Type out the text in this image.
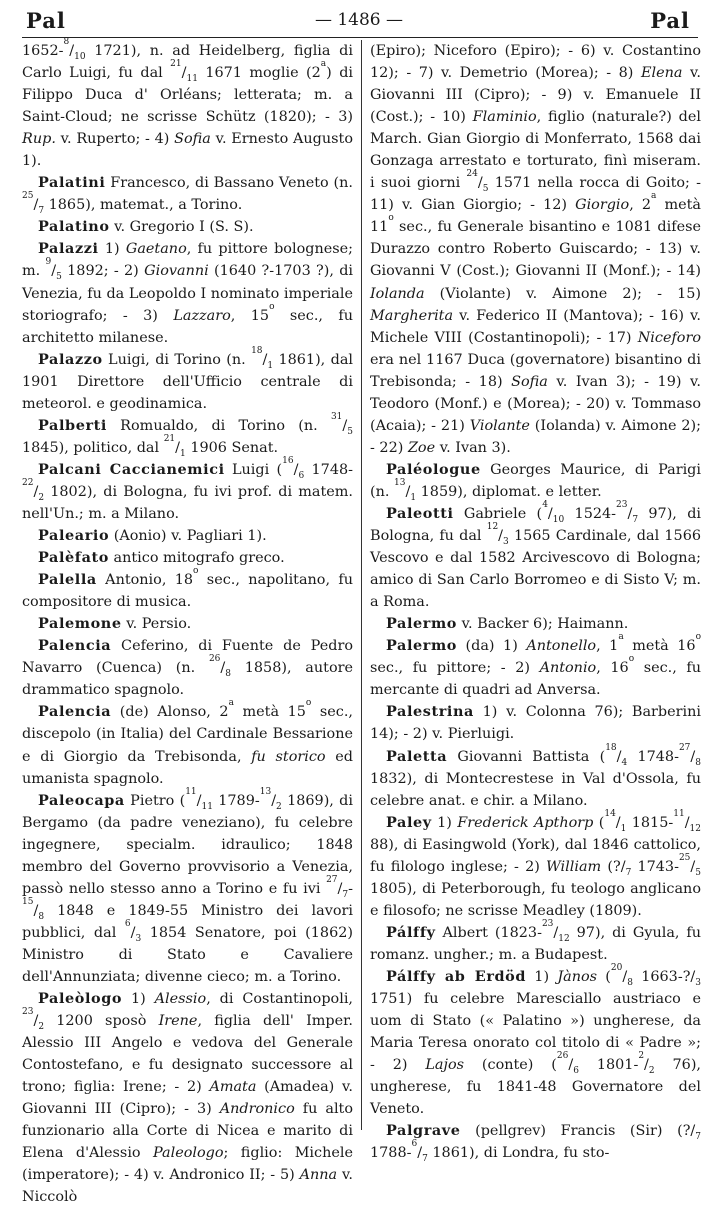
Pal	— 1486 —	Pal

$1652-^8/_{10}$ 1721), n. ad Heidelberg, figlia di Carlo Luigi, fu dal $^{21}/_{11}$ 1671 moglie (2$^a$) di Filippo Duca d' Orléans; letterata; m. a Saint-Cloud; ne scrisse Schütz (1820); - 3) Rup. v. Ruperto; - 4) Sofia v. Ernesto Augusto 1).

Palatini Francesco, di Bassano Veneto (n. $^{25}/_7$ 1865), matemat., a Torino.

Palatino v. Gregorio I (S. S).

Palazzi 1) Gaetano, fu pittore bolognese; m. $^9/_5$ 1892; - 2) Giovanni (1640 ?-1703 ?), di Venezia, fu da Leopoldo I nominato imperiale storiografo; - 3) Lazzaro, 15$^o$ sec., fu architetto milanese.

Palazzo Luigi, di Torino (n. $^{18}/_1$ 1861), dal 1901 Direttore dell'Ufficio centrale di meteorol. e geodinamica.

Palberti Romualdo, di Torino (n. $^{31}/_5$ 1845), politico, dal $^{21}/_1$ 1906 Senat.

Palcani Caccianemici Luigi ($^{16}/_6$ $1748-^{22}/_2$ 1802), di Bologna, fu ivi prof. di matem. nell'Un.; m. a Milano.

Paleario (Aonio) v. Pagliari 1).

Palèfato antico mitografo greco.

Palella Antonio, 18$^o$ sec., napolitano, fu compositore di musica.

Palemone v. Persio.

Palencia Ceferino, di Fuente de Pedro Navarro (Cuenca) (n. $^{26}/_8$ 1858), autore drammatico spagnolo.

Palencia (de) Alonso, 2$^a$ metà 15$^o$ sec., discepolo (in Italia) del Cardinale Bessarione e di Giorgio da Trebisonda, fu storico ed umanista spagnolo.

Paleocapa Pietro ($^{11}/_{11}$ $1789-^{13}/_2$ 1869), di Bergamo (da padre veneziano), fu celebre ingegnere, specialm. idraulico; 1848 membro del Governo provvisorio a Venezia, passò nello stesso anno a Torino e fu ivi $^{27}/_7-^{15}/_8$ 1848 e 1849-55 Ministro dei lavori pubblici, dal $^6/_3$ 1854 Senatore, poi (1862) Ministro di Stato e Cavaliere dell'Annunziata; divenne cieco; m. a Torino.

Paleòlogo 1) Alessio, di Costantinopoli, $^{23}/_2$ 1200 sposò Irene, figlia dell' Imper. Alessio III Angelo e vedova del Generale Contostefano, e fu designato successore al trono; figlia: Irene; - 2) Amata (Amadea) v. Giovanni III (Cipro); - 3) Andronico fu alto funzionario alla Corte di Nicea e marito di Elena d'Alessio Paleologo; figlio: Michele (imperatore); - 4) v. Andronico II; - 5) Anna v. Niccolò

(Epiro); Niceforo (Epiro); - 6) v. Costantino 12); - 7) v. Demetrio (Morea); - 8) Elena v. Giovanni III (Cipro); - 9) v. Emanuele II (Cost.); - 10) Flaminio, figlio (naturale?) del March. Gian Giorgio di Monferrato, 1568 dai Gonzaga arrestato e torturato, finì miseram. i suoi giorni $^{24}/_5$ 1571 nella rocca di Goito; - 11) v. Gian Giorgio; - 12) Giorgio, 2$^a$ metà 11$^o$ sec., fu Generale bisantino e 1081 difese Durazzo contro Roberto Guiscardo; - 13) v. Giovanni V (Cost.); Giovanni II (Monf.); - 14) Iolanda (Violante) v. Aimone 2); - 15) Margherita v. Federico II (Mantova); - 16) v. Michele VIII (Costantinopoli); - 17) Niceforo era nel 1167 Duca (governatore) bisantino di Trebisonda; - 18) Sofia v. Ivan 3); - 19) v. Teodoro (Monf.) e (Morea); - 20) v. Tommaso (Acaia); - 21) Violante (Iolanda) v. Aimone 2); - 22) Zoe v. Ivan 3).

Paléologue Georges Maurice, di Parigi (n. $^{13}/_1$ 1859), diplomat. e letter.

Paleotti Gabriele ($^4/_{10}$ $1524-^{23}/_7$ 97), di Bologna, fu dal $^{12}/_3$ 1565 Cardinale, dal 1566 Vescovo e dal 1582 Arcivescovo di Bologna; amico di San Carlo Borromeo e di Sisto V; m. a Roma.

Palermo v. Backer 6); Haimann.

Palermo (da) 1) Antonello, 1$^a$ metà 16$^o$ sec., fu pittore; - 2) Antonio, 16$^o$ sec., fu mercante di quadri ad Anversa.

Palestrina 1) v. Colonna 76); Barberini 14); - 2) v. Pierluigi.

Paletta Giovanni Battista ($^{18}/_4$ $1748-^{27}/_8$ 1832), di Montecrestese in Val d'Ossola, fu celebre anat. e chir. a Milano.

Paley 1) Frederick Apthorp ($^{14}/_1$ $1815-^{11}/_{12}$ 88), di Easingwold (York), dal 1846 cattolico, fu filologo inglese; - 2) William ($?/_7$ $1743-^{25}/_5$ 1805), di Peterborough, fu teologo anglicano e filosofo; ne scrisse Meadley (1809).

Pálffy Albert ($1823-^{23}/_{12}$ 97), di Gyula, fu romanz. ungher.; m. a Budapest.

Pálffy ab Erdöd 1) Jànos ($^{20}/_8$ $1663-?/_3$ 1751) fu celebre Maresciallo austriaco e uom di Stato (« Palatino ») ungherese, da Maria Teresa onorato col titolo di « Padre »; - 2) Lajos (conte) ($^{26}/_6$ $1801-^2/_2$ 76), ungherese, fu 1841-48 Governatore del Veneto.

Palgrave (pellgrev) Francis (Sir) ($?/_7$ $1788-^6/_7$ 1861), di Londra, fu sto-
